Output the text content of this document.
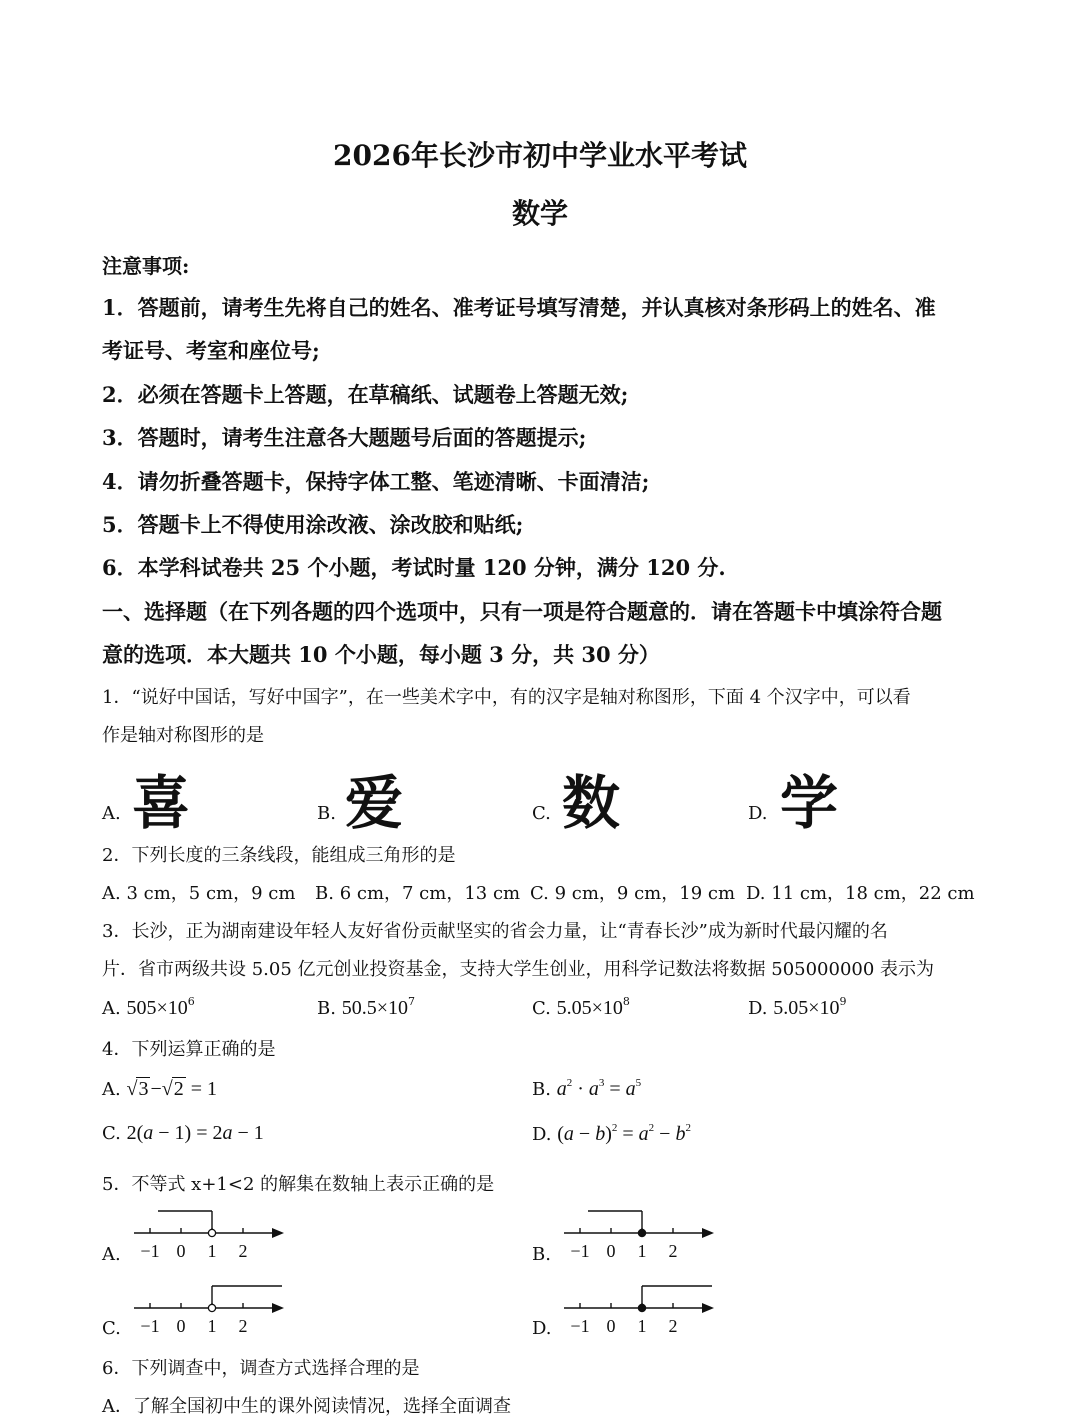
2026年长沙市初中学业水平考试
数学
注意事项:
1．答题前，请考生先将自己的姓名、准考证号填写清楚，并认真核对条形码上的姓名、准
考证号、考室和座位号;
2．必须在答题卡上答题，在草稿纸、试题卷上答题无效;
3．答题时，请考生注意各大题题号后面的答题提示;
4．请勿折叠答题卡，保持字体工整、笔迹清晰、卡面清洁;
5．答题卡上不得使用涂改液、涂改胶和贴纸;
6．本学科试卷共 25 个小题，考试时量 120 分钟，满分 120 分.
一、选择题（在下列各题的四个选项中，只有一项是符合题意的．请在答题卡中填涂符合题
意的选项．本大题共 10 个小题，每小题 3 分，共 30 分）
1．“说好中国话，写好中国字”，在一些美术字中，有的汉字是轴对称图形，下面 4 个汉字中，可以看
作是轴对称图形的是
A. 喜	B. 爱	C. 数	D. 学
2．下列长度的三条线段，能组成三角形的是
A. 3 cm，5 cm，9 cm B. 6 cm，7 cm，13 cm C. 9 cm，9 cm，19 cm D. 11 cm，18 cm，22 cm
3．长沙，正为湖南建设年轻人友好省份贡献坚实的省会力量，让“青春长沙”成为新时代最闪耀的名
片．省市两级共设 5.05 亿元创业投资基金，支持大学生创业，用科学记数法将数据 505000000 表示为
A. $505\times 10^6$	B. $50.5\times 10^7$	C. $5.05\times 10^8$	D. $5.05\times 10^9$
4．下列运算正确的是
A. √3 −√2 = 1	B. $a^2 \cdot a^3 = a^5$
C. 2(a − 1) = 2a − 1	D. $(a - b)^2 = a^2 - b^2$
5．不等式 x+1<2 的解集在数轴上表示正确的是
A.	B.
C.	D.
−1 0 1 2	−1 0 1 2
−1 0 1 2	−1 0 1 2
6．下列调查中，调查方式选择合理的是
A．了解全国初中生的课外阅读情况，选择全面调查
